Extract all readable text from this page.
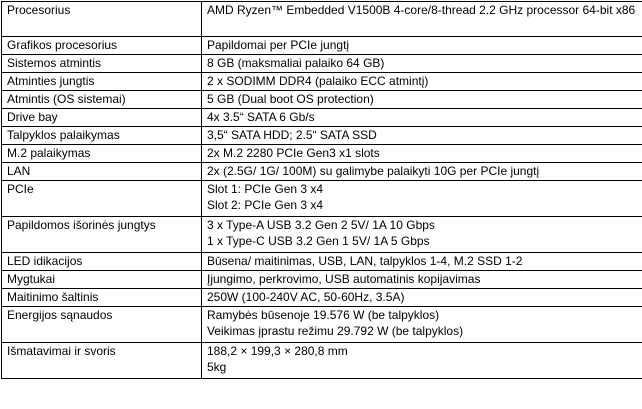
Procesorius	AMD Ryzen™ Embedded V1500B 4-core/8-thread 2.2 GHz processor 64-bit x86
Grafikos procesorius	Papildomai per PCIe jungtį
Sistemos atmintis	8 GB (maksmaliai palaiko 64 GB)
Atminties jungtis	2 x SODIMM DDR4 (palaiko ECC atmintį)
Atmintis (OS sistemai)	5 GB (Dual boot OS protection)
Drive bay	4x 3.5“ SATA 6 Gb/s
Talpyklos palaikymas	3,5“ SATA HDD; 2.5“ SATA SSD
M.2 palaikymas	2x M.2 2280 PCIe Gen3 x1 slots
LAN	2x (2.5G/ 1G/ 100M) su galimybe palaikyti 10G per PCIe jungtį
PCIe	Slot 1: PCIe Gen 3 x4
Slot 2: PCIe Gen 3 x4

Papildomos išorinės jungtys	3 x Type-A USB 3.2 Gen 2 5V/ 1A 10 Gbps
1 x Type-C USB 3.2 Gen 1 5V/ 1A 5 Gbps

LED idikacijos	Būsena/ maitinimas, USB, LAN, talpyklos 1-4, M.2 SSD 1-2
Mygtukai	Įjungimo, perkrovimo, USB automatinis kopijavimas
Maitinimo šaltinis	250W (100-240V AC, 50-60Hz, 3.5A)
Energijos sąnaudos	Ramybės būsenoje 19.576 W (be talpyklos)
Veikimas įprastu režimu 29.792 W (be talpyklos)

Išmatavimai ir svoris	188,2 × 199,3 × 280,8 mm
5kg
